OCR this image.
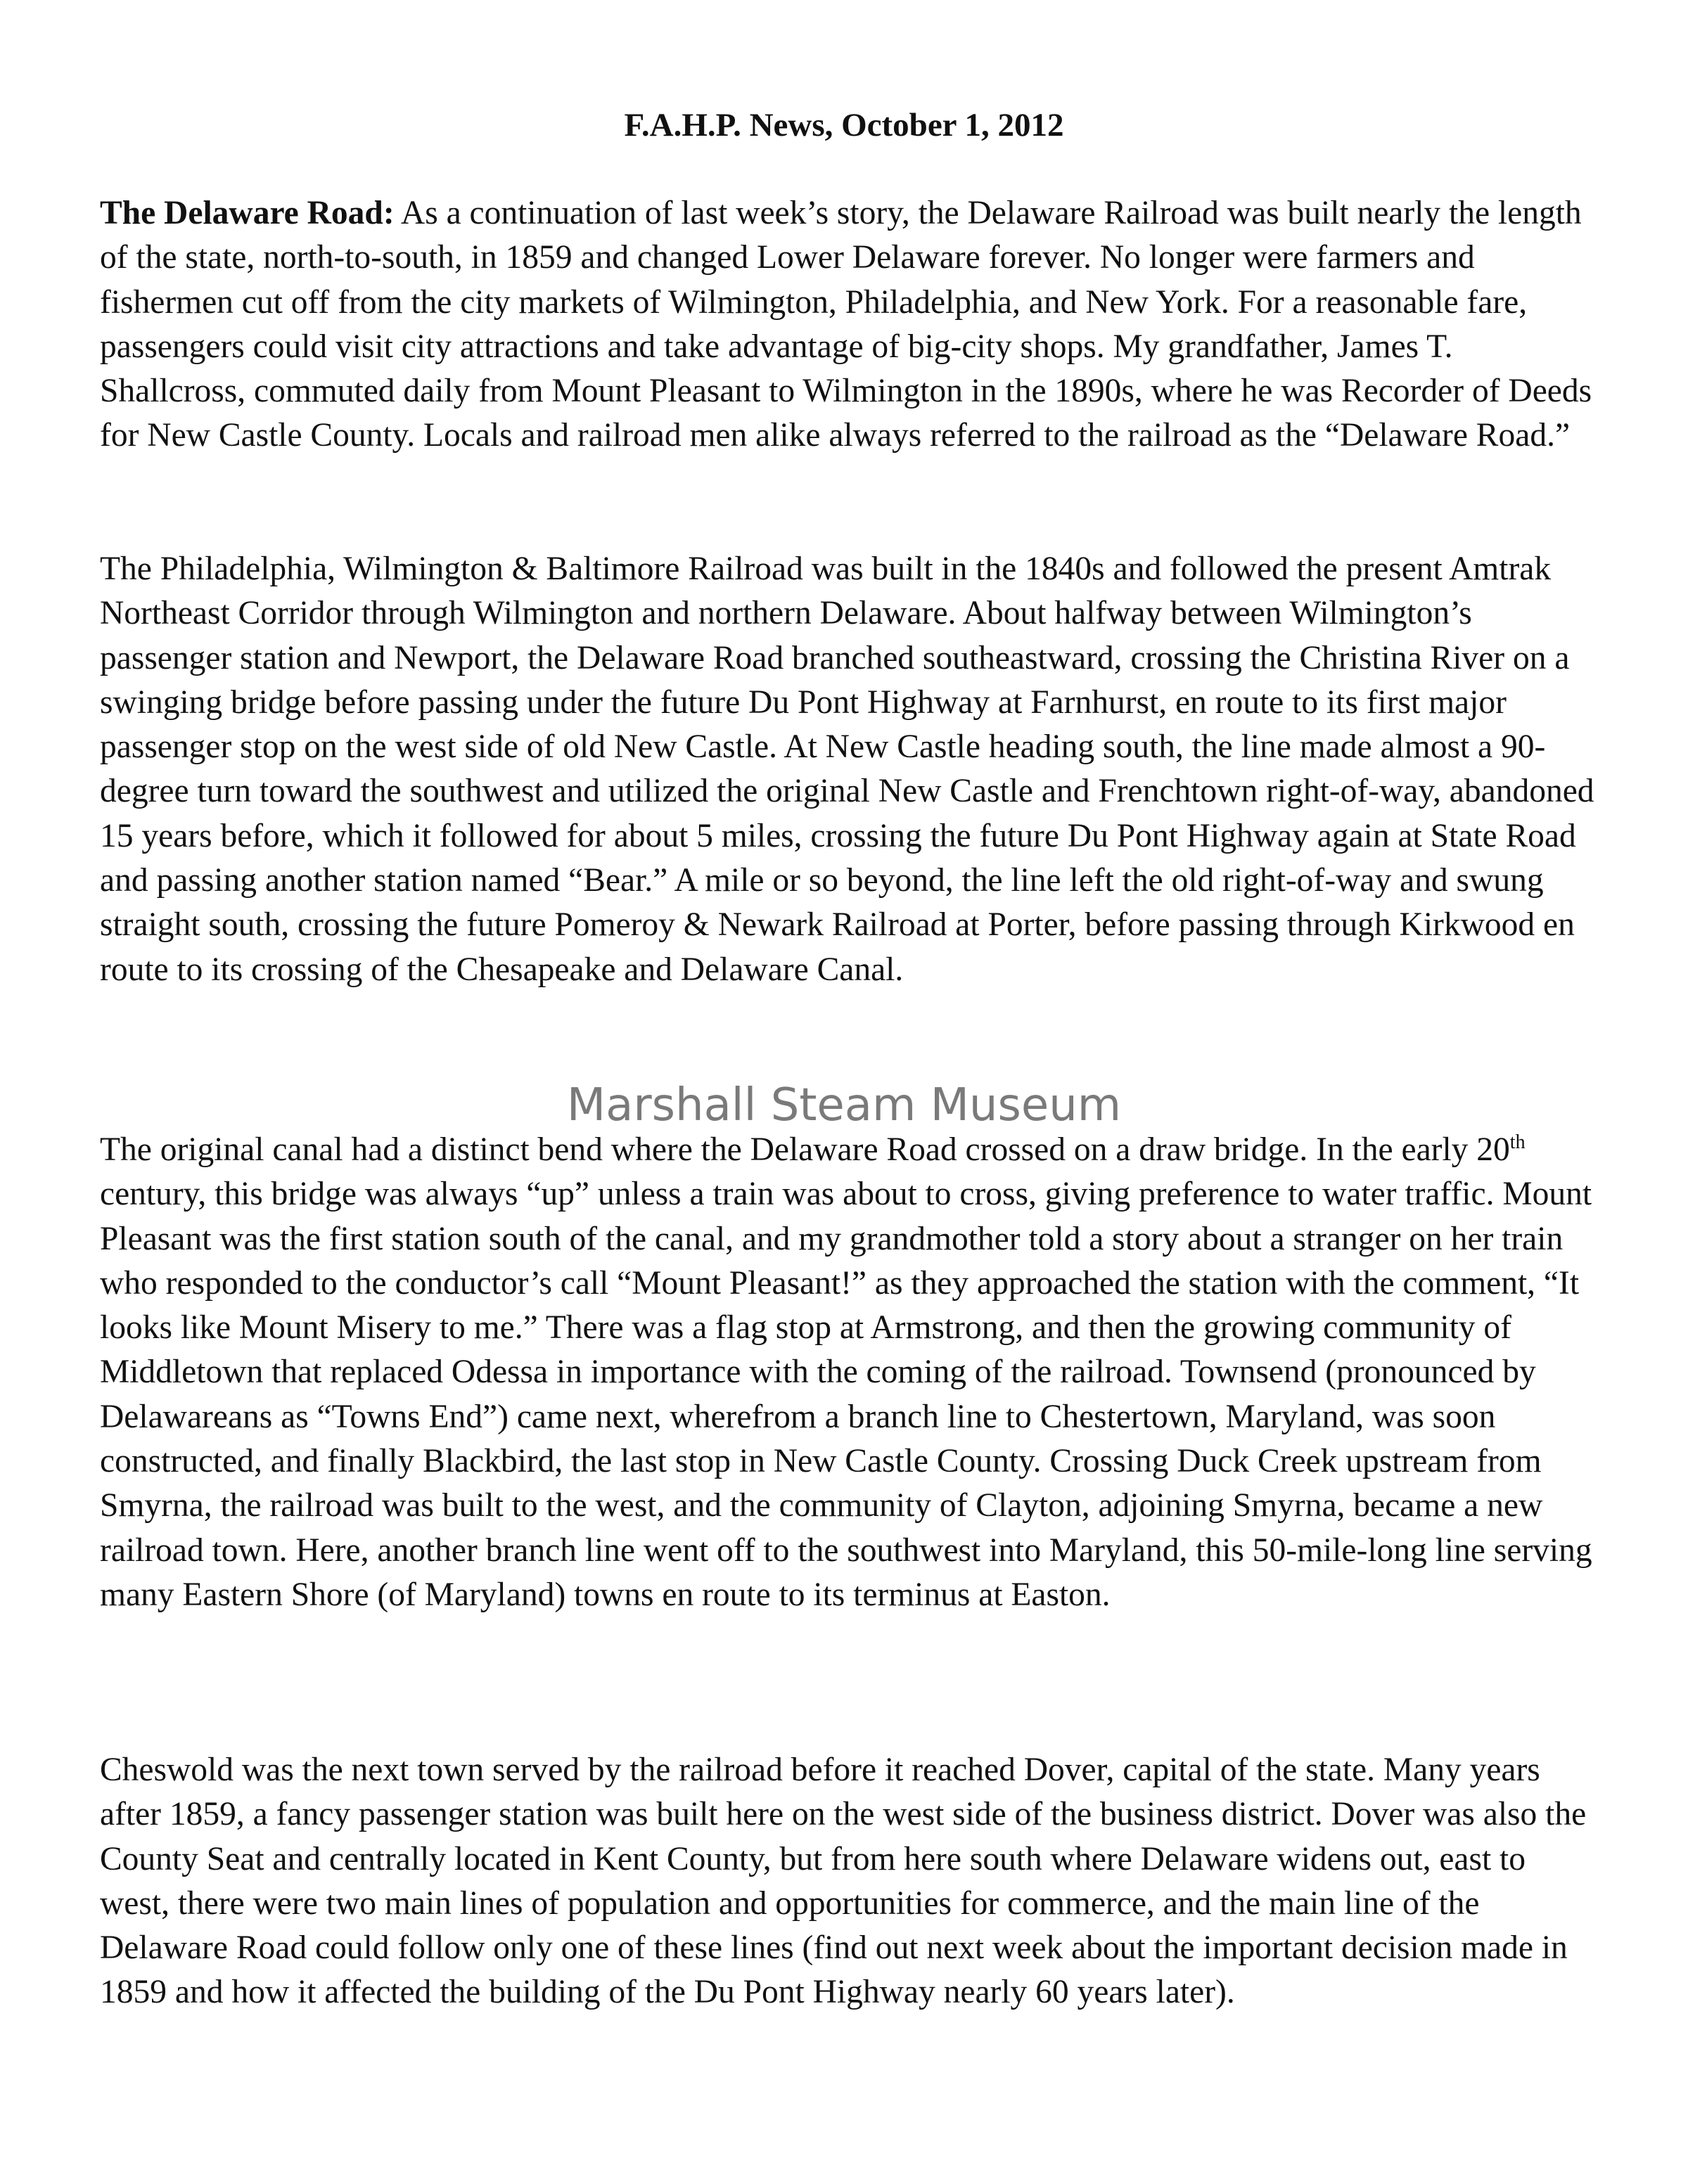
F.A.H.P. News, October 1, 2012

The Delaware Road: As a continuation of last week’s story, the Delaware Railroad was built nearly the length of the state, north-to-south, in 1859 and changed Lower Delaware forever. No longer were farmers and fishermen cut off from the city markets of Wilmington, Philadelphia, and New York. For a reasonable fare, passengers could visit city attractions and take advantage of big-city shops. My grandfather, James T. Shallcross, commuted daily from Mount Pleasant to Wilmington in the 1890s, where he was Recorder of Deeds for New Castle County. Locals and railroad men alike always referred to the railroad as the “Delaware Road.”

The Philadelphia, Wilmington & Baltimore Railroad was built in the 1840s and followed the present Amtrak Northeast Corridor through Wilmington and northern Delaware. About halfway between Wilmington’s passenger station and Newport, the Delaware Road branched southeastward, crossing the Christina River on a swinging bridge before passing under the future Du Pont Highway at Farnhurst, en route to its first major passenger stop on the west side of old New Castle. At New Castle heading south, the line made almost a 90-degree turn toward the southwest and utilized the original New Castle and Frenchtown right-of-way, abandoned 15 years before, which it followed for about 5 miles, crossing the future Du Pont Highway again at State Road and passing another station named “Bear.” A mile or so beyond, the line left the old right-of-way and swung straight south, crossing the future Pomeroy & Newark Railroad at Porter, before passing through Kirkwood en route to its crossing of the Chesapeake and Delaware Canal.

Marshall Steam Museum

The original canal had a distinct bend where the Delaware Road crossed on a draw bridge. In the early 20th century, this bridge was always “up” unless a train was about to cross, giving preference to water traffic. Mount Pleasant was the first station south of the canal, and my grandmother told a story about a stranger on her train who responded to the conductor’s call “Mount Pleasant!” as they approached the station with the comment, “It looks like Mount Misery to me.” There was a flag stop at Armstrong, and then the growing community of Middletown that replaced Odessa in importance with the coming of the railroad. Townsend (pronounced by Delawareans as “Towns End”) came next, wherefrom a branch line to Chestertown, Maryland, was soon constructed, and finally Blackbird, the last stop in New Castle County. Crossing Duck Creek upstream from Smyrna, the railroad was built to the west, and the community of Clayton, adjoining Smyrna, became a new railroad town. Here, another branch line went off to the southwest into Maryland, this 50-mile-long line serving many Eastern Shore (of Maryland) towns en route to its terminus at Easton.

Cheswold was the next town served by the railroad before it reached Dover, capital of the state. Many years after 1859, a fancy passenger station was built here on the west side of the business district. Dover was also the County Seat and centrally located in Kent County, but from here south where Delaware widens out, east to west, there were two main lines of population and opportunities for commerce, and the main line of the Delaware Road could follow only one of these lines (find out next week about the important decision made in 1859 and how it affected the building of the Du Pont Highway nearly 60 years later).
